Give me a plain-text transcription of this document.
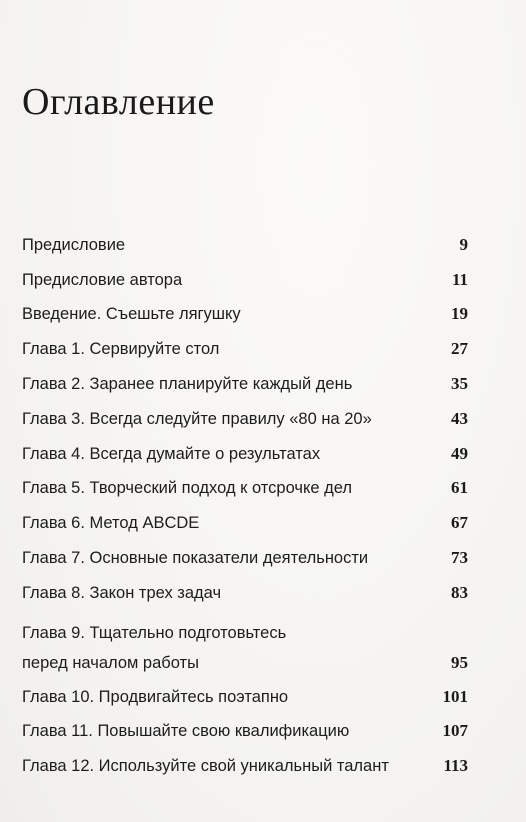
Оглавление
Предисловие	9
Предисловие автора	11
Введение. Съешьте лягушку	19
Глава 1. Сервируйте стол	27
Глава 2. Заранее планируйте каждый день	35
Глава 3. Всегда следуйте правилу «80 на 20»	43
Глава 4. Всегда думайте о результатах	49
Глава 5. Творческий подход к отсрочке дел	61
Глава 6. Метод ABCDE	67
Глава 7. Основные показатели деятельности	73
Глава 8. Закон трех задач	83
Глава 9. Тщательно подготовьтесь
перед началом работы	95
Глава 10. Продвигайтесь поэтапно	101
Глава 11. Повышайте свою квалификацию	107
Глава 12. Используйте свой уникальный талант	113
